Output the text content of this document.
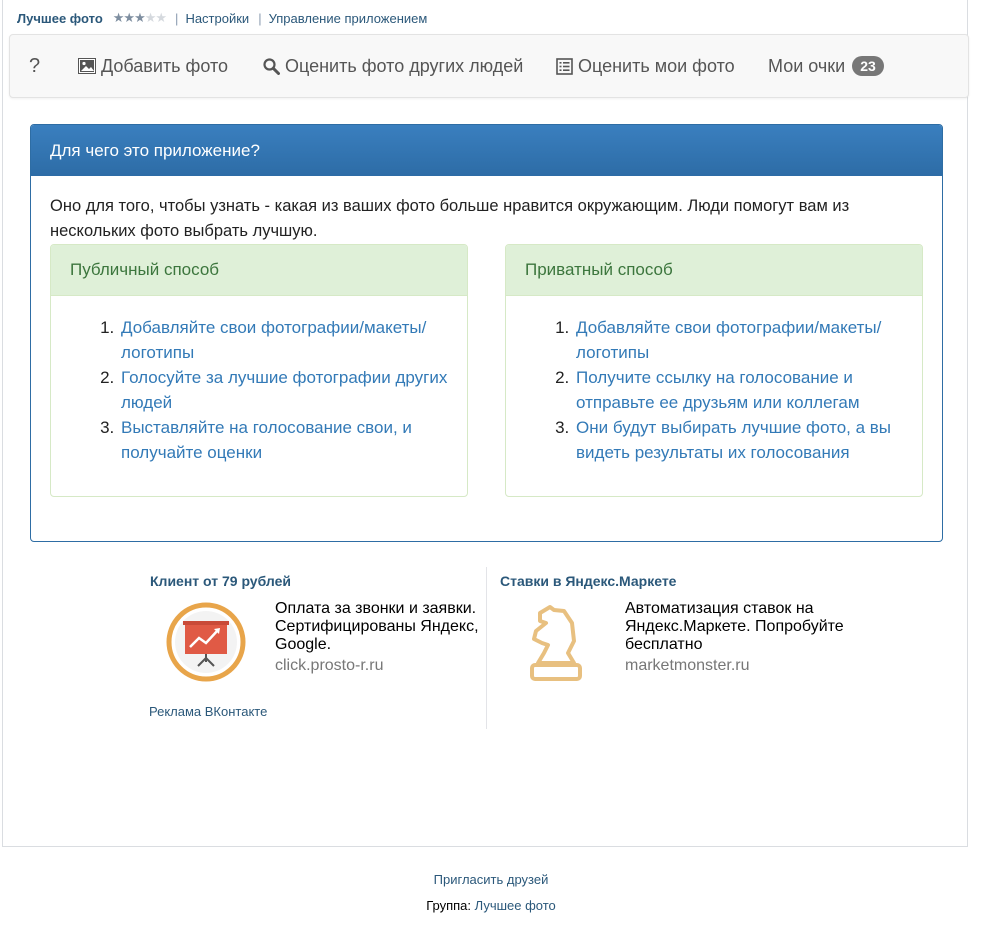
Лучшее фото ★★★★★ | Настройки | Управление приложением
?	Добавить фото	Оценить фото других людей	Оценить мои фото Мои очки	23
Для чего это приложение?
Оно для того, чтобы узнать - какая из ваших фото больше нравится окружающим. Люди помогут вам из нескольких фото выбрать лучшую.
Публичный способ
1. Добавляйте свои фотографии/макеты/логотипы
2. Голосуйте за лучшие фотографии других людей
3. Выставляйте на голосование свои, и получайте оценки
Приватный способ
1. Добавляйте свои фотографии/макеты/логотипы
2. Получите ссылку на голосование и отправьте ее друзьям или коллегам
3. Они будут выбирать лучшие фото, а вы видеть результаты их голосования
Клиент от 79 рублей
Оплата за звонки и заявки. Сертифицированы Яндекс, Google.
click.prosto-r.ru
Ставки в Яндекс.Маркете
Автоматизация ставок на Яндекс.Маркете. Попробуйте бесплатно
marketmonster.ru
Реклама ВКонтакте
Пригласить друзей
Группа: Лучшее фото
